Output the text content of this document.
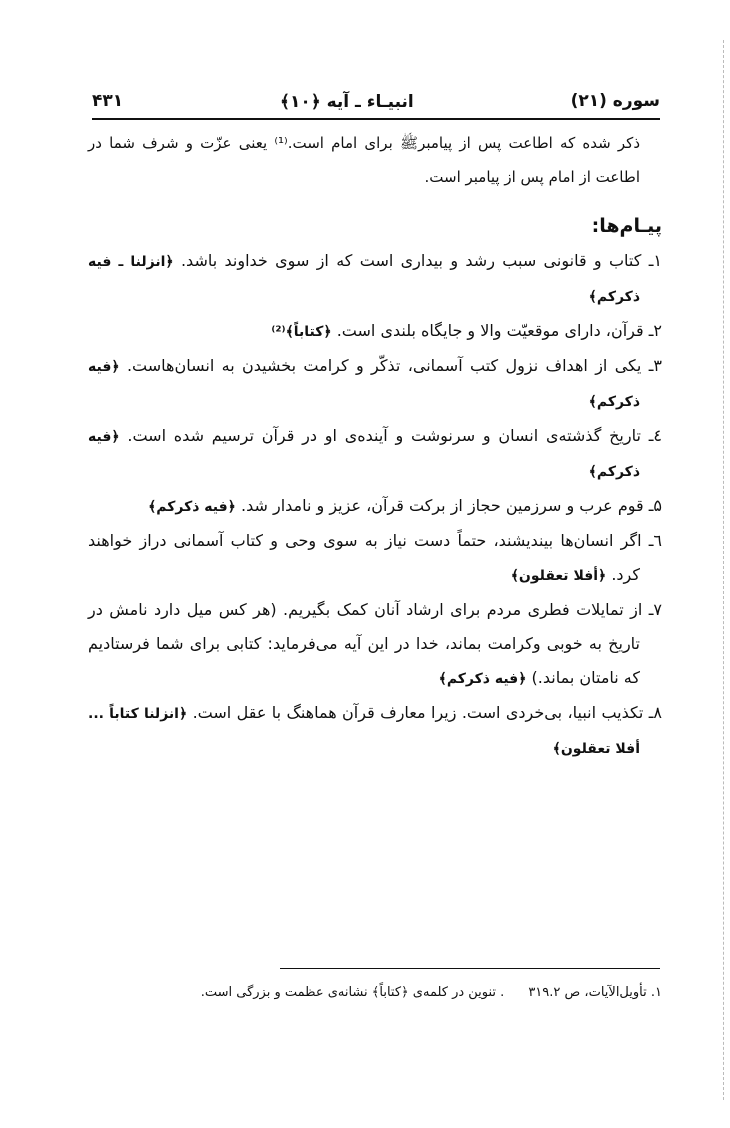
سوره (۲۱)
انبیـاء ـ آیه ﴿۱۰﴾
۴۳۱

ذکر شده که اطاعت پس از پیامبرﷺ برای امام است.⁽¹⁾ یعنی عزّت و شرف شما در اطاعت از امام پس از پیامبر است.

پیـام‌ها:

۱ـ کتاب و قانونی سبب رشد و بیداری است که از سوی خداوند باشد. ﴿انزلنا ـ فیه ذکرکم﴾

۲ـ قرآن، دارای موقعیّت والا و جایگاه بلندی است. ﴿کتاباً﴾⁽²⁾

۳ـ یکی از اهداف نزول کتب آسمانی، تذکّر و کرامت بخشیدن به انسان‌هاست. ﴿فیه ذکرکم﴾

٤ـ تاریخ گذشته‌ی انسان و سرنوشت و آینده‌ی او در قرآن ترسیم شده است. ﴿فیه ذکرکم﴾

۵ـ قوم عرب و سرزمین حجاز از برکت قرآن، عزیز و نامدار شد. ﴿فیه ذکرکم﴾

٦ـ اگر انسان‌ها بیندیشند، حتماً دست نیاز به سوی وحی و کتاب آسمانی دراز خواهند کرد. ﴿أفلا تعقلون﴾

۷ـ از تمایلات فطری مردم برای ارشاد آنان کمک بگیریم. (هر کس میل دارد نامش در تاریخ به خوبی وکرامت بماند، خدا در این آیه می‌فرماید: کتابی برای شما فرستادیم که نامتان بماند.) ﴿فیه ذکرکم﴾

۸ـ تکذیب انبیا، بی‌خردی است. زیرا معارف قرآن هماهنگ با عقل است. ﴿انزلنا کتاباً ... أفلا تعقلون﴾

۱. تأویل‌الآیات، ص ۳۱۹.۲. تنوین در کلمه‌ی ﴿کتاباً﴾ نشانه‌ی عظمت و بزرگی است.
